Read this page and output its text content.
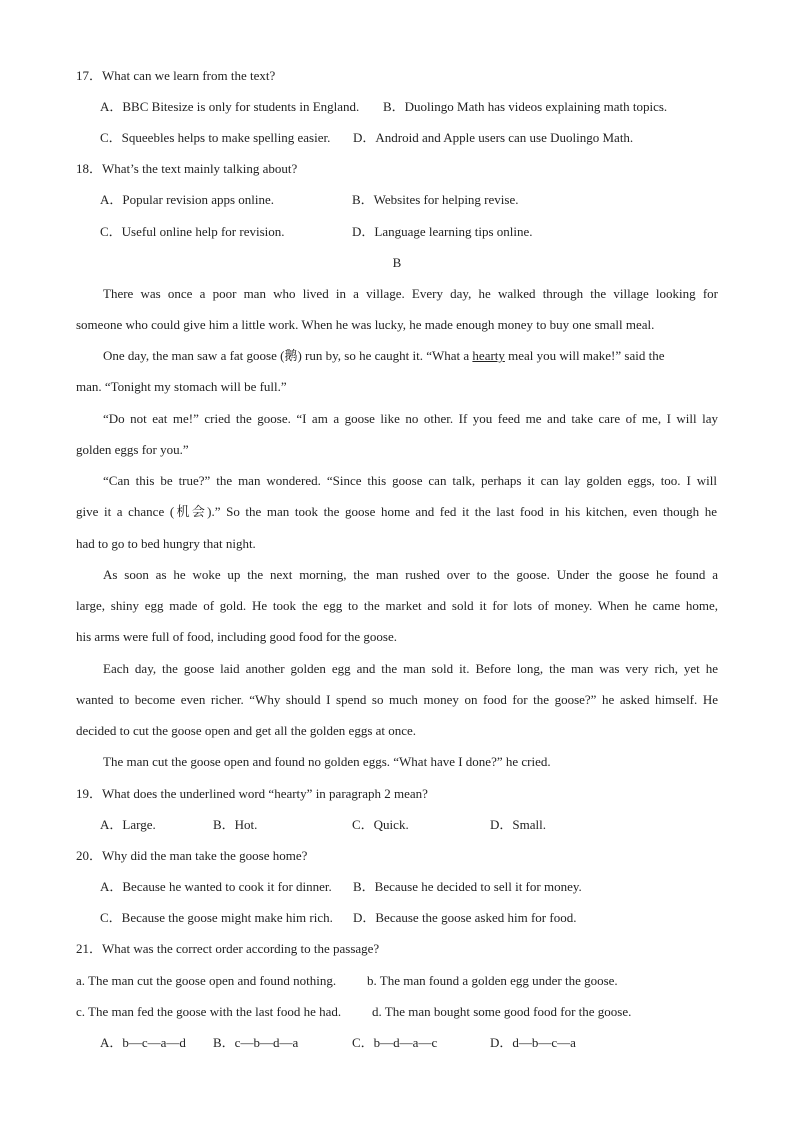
17．What can we learn from the text?
A．BBC Bitesize is only for students in England. B．Duolingo Math has videos explaining math topics.
C．Squeebles helps to make spelling easier. D．Android and Apple users can use Duolingo Math.
18．What’s the text mainly talking about?
A．Popular revision apps online.	B．Websites for helping revise.
C．Useful online help for revision.	D．Language learning tips online.
B
There was once a poor man who lived in a village. Every day, he walked through the village looking for
someone who could give him a little work. When he was lucky, he made enough money to buy one small meal.
One day, the man saw a fat goose (鹅) run by, so he caught it. “What a hearty meal you will make!” said the
man. “Tonight my stomach will be full.”
“Do not eat me!” cried the goose. “I am a goose like no other. If you feed me and take care of me, I will lay
golden eggs for you.”
“Can this be true?” the man wondered. “Since this goose can talk, perhaps it can lay golden eggs, too. I will
give it a chance (机会).” So the man took the goose home and fed it the last food in his kitchen, even though he
had to go to bed hungry that night.
As soon as he woke up the next morning, the man rushed over to the goose. Under the goose he found a
large, shiny egg made of gold. He took the egg to the market and sold it for lots of money. When he came home,
his arms were full of food, including good food for the goose.
Each day, the goose laid another golden egg and the man sold it. Before long, the man was very rich, yet he
wanted to become even richer. “Why should I spend so much money on food for the goose?” he asked himself. He
decided to cut the goose open and get all the golden eggs at once.
The man cut the goose open and found no golden eggs. “What have I done?” he cried.
19．What does the underlined word “hearty” in paragraph 2 mean?
A．Large.	B．Hot.	C．Quick.	D．Small.
20．Why did the man take the goose home?
A．Because he wanted to cook it for dinner. B．Because he decided to sell it for money.
C．Because the goose might make him rich. D．Because the goose asked him for food.
21．What was the correct order according to the passage?
a. The man cut the goose open and found nothing. b. The man found a golden egg under the goose.
c. The man fed the goose with the last food he had. d. The man bought some good food for the goose.
A．b—c—a—d B．c—b—d—a	C．b—d—a—c	D．d—b—c—a
